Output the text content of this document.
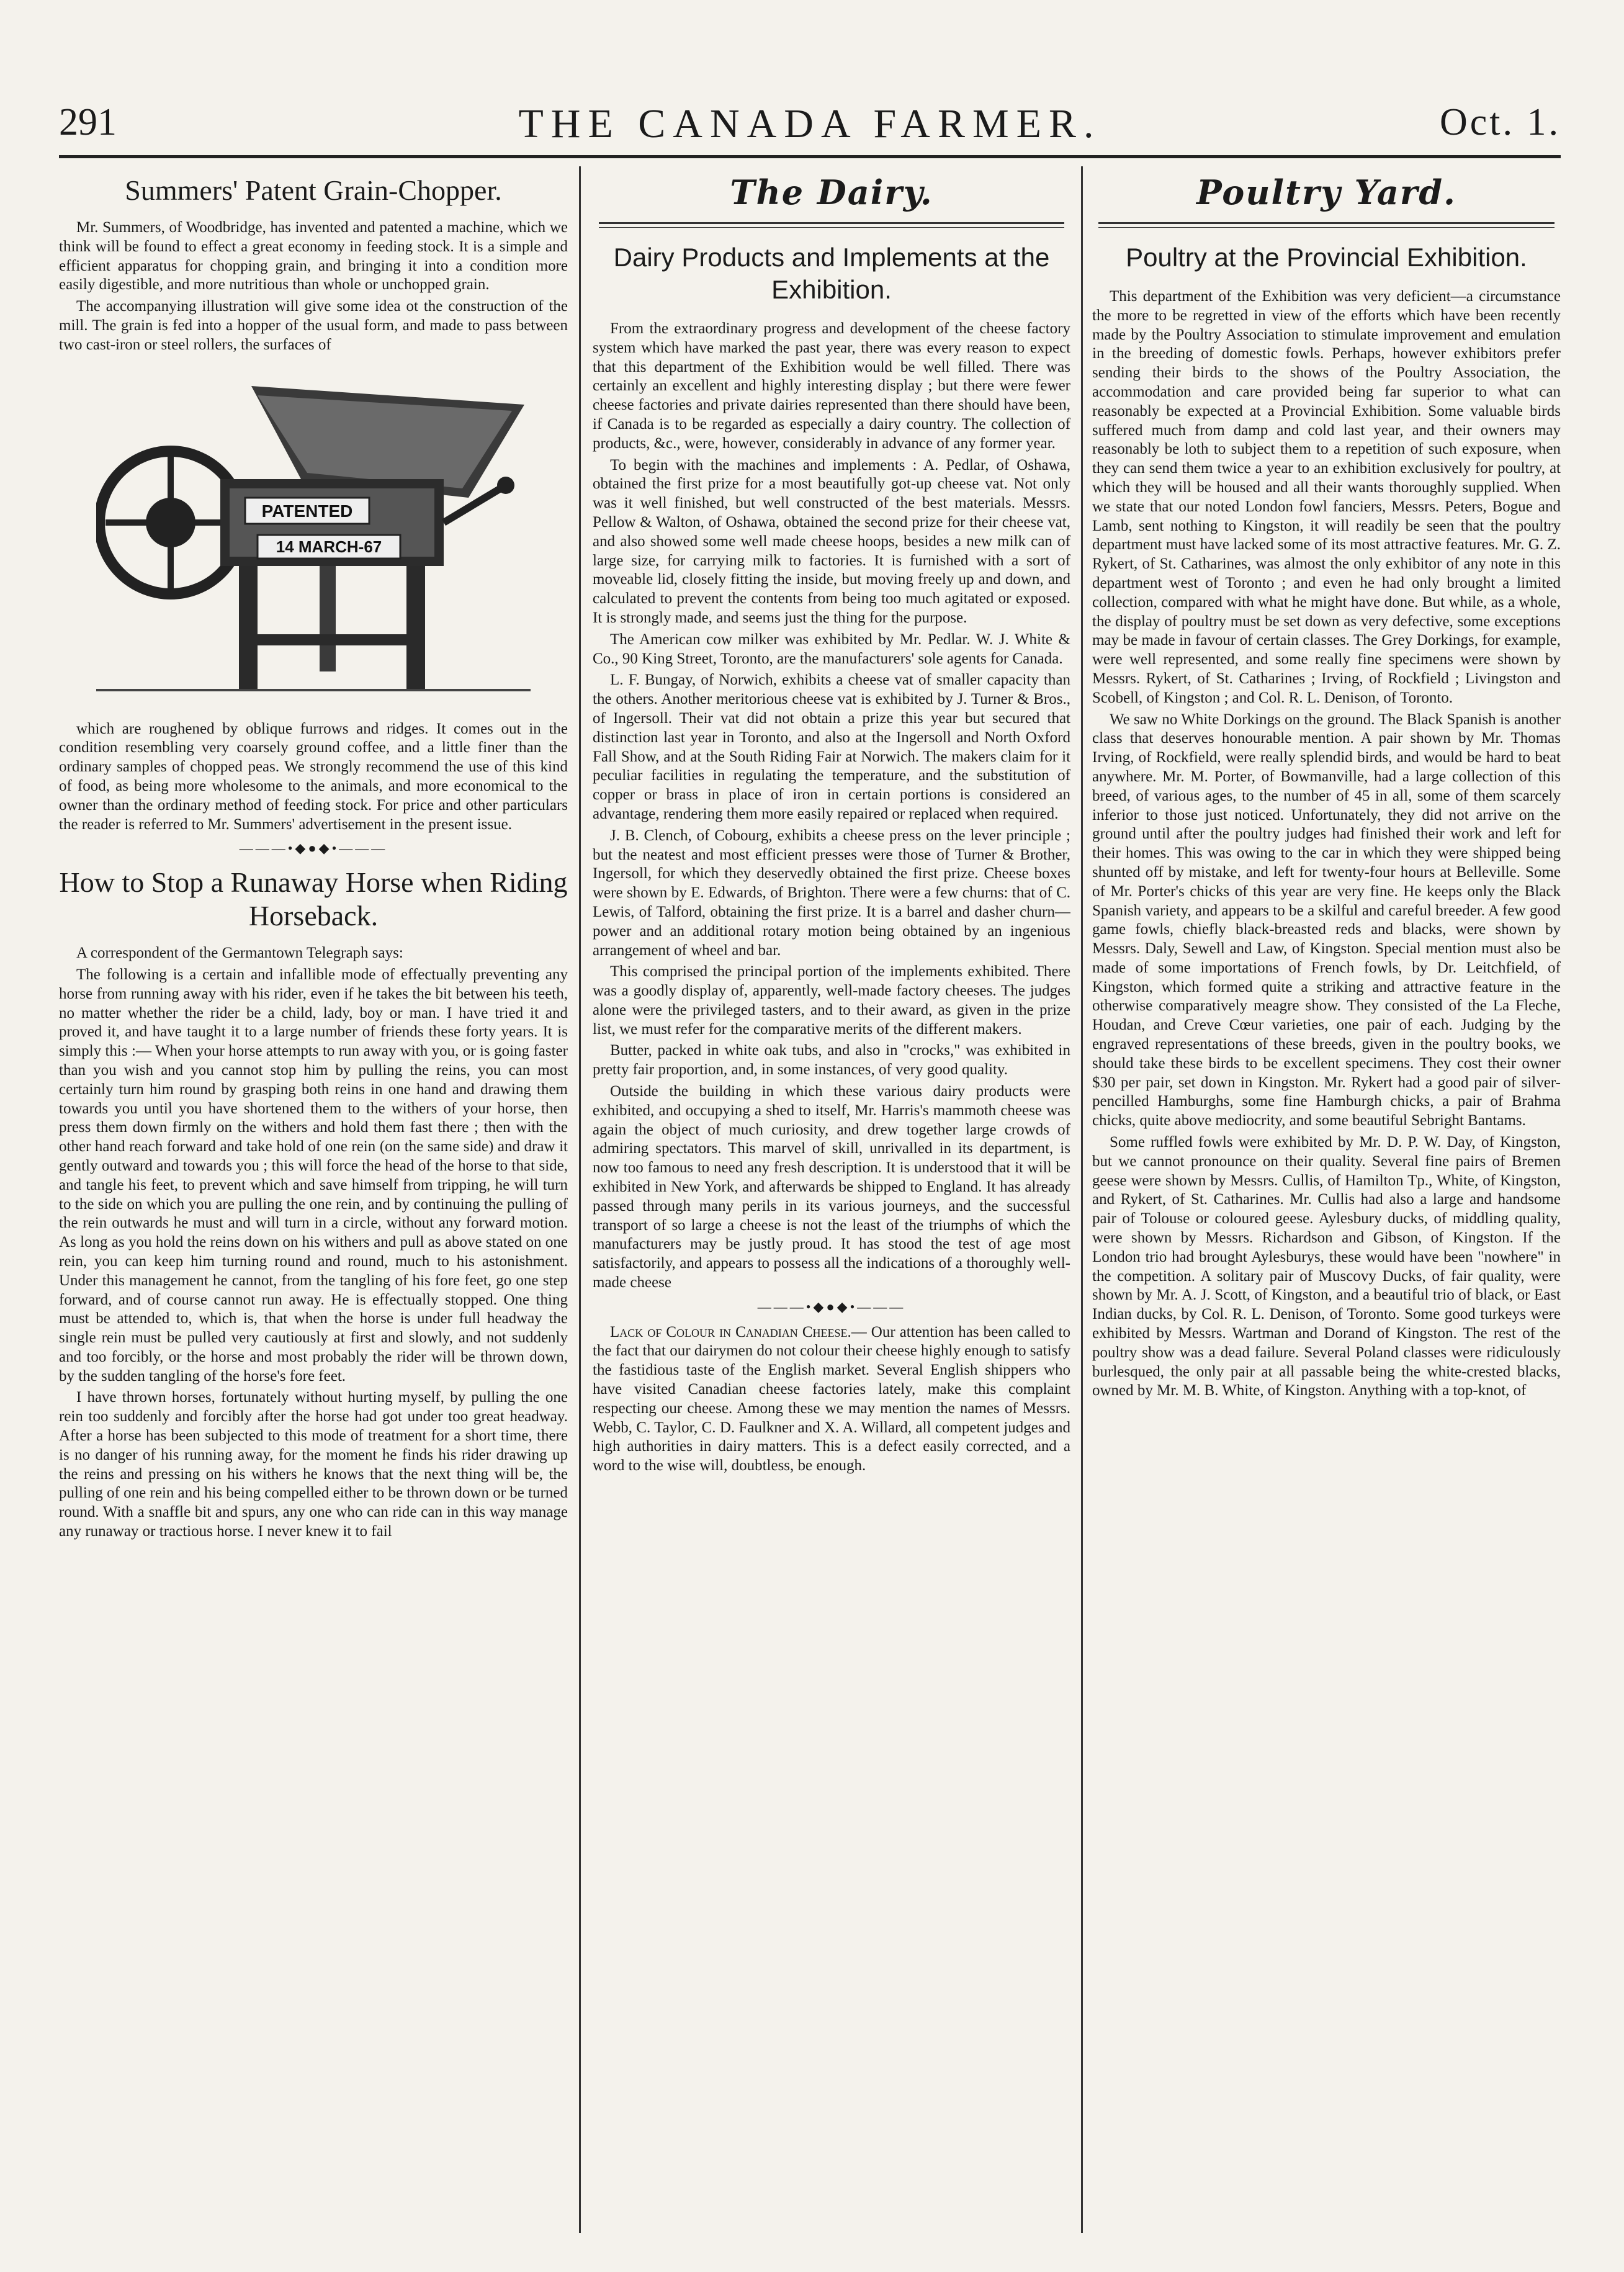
291	THE CANADA FARMER.	Oct. 1.
Summers' Patent Grain-Chopper.

Mr. Summers, of Woodbridge, has invented and patented a machine, which we think will be found to effect a great economy in feeding stock. It is a simple and efficient apparatus for chopping grain, and bringing it into a condition more easily digestible, and more nutritious than whole or unchopped grain.

The accompanying illustration will give some idea ot the construction of the mill. The grain is fed into a hopper of the usual form, and made to pass between two cast-iron or steel rollers, the surfaces of

PATENTED
14 MARCH-67

which are roughened by oblique furrows and ridges. It comes out in the condition resembling very coarsely ground coffee, and a little finer than the ordinary samples of chopped peas. We strongly recommend the use of this kind of food, as being more wholesome to the animals, and more economical to the owner than the ordinary method of feeding stock. For price and other particulars the reader is referred to Mr. Summers' advertisement in the present issue.

———•◆●◆•———
How to Stop a Runaway Horse when Riding Horseback.

A correspondent of the Germantown Telegraph says:

The following is a certain and infallible mode of effectually preventing any horse from running away with his rider, even if he takes the bit between his teeth, no matter whether the rider be a child, lady, boy or man. I have tried it and proved it, and have taught it to a large number of friends these forty years. It is simply this :— When your horse attempts to run away with you, or is going faster than you wish and you cannot stop him by pulling the reins, you can most certainly turn him round by grasping both reins in one hand and drawing them towards you until you have shortened them to the withers of your horse, then press them down firmly on the withers and hold them fast there ; then with the other hand reach forward and take hold of one rein (on the same side) and draw it gently outward and towards you ; this will force the head of the horse to that side, and tangle his feet, to prevent which and save himself from tripping, he will turn to the side on which you are pulling the one rein, and by continuing the pulling of the rein outwards he must and will turn in a circle, without any forward motion. As long as you hold the reins down on his withers and pull as above stated on one rein, you can keep him turning round and round, much to his astonishment. Under this management he cannot, from the tangling of his fore feet, go one step forward, and of course cannot run away. He is effectually stopped. One thing must be attended to, which is, that when the horse is under full headway the single rein must be pulled very cautiously at first and slowly, and not suddenly and too forcibly, or the horse and most probably the rider will be thrown down, by the sudden tangling of the horse's fore feet.

I have thrown horses, fortunately without hurting myself, by pulling the one rein too suddenly and forcibly after the horse had got under too great headway. After a horse has been subjected to this mode of treatment for a short time, there is no danger of his running away, for the moment he finds his rider drawing up the reins and pressing on his withers he knows that the next thing will be, the pulling of one rein and his being compelled either to be thrown down or be turned round. With a snaffle bit and spurs, any one who can ride can in this way manage any runaway or tractious horse. I never knew it to fail

The Dairy.
Dairy Products and Implements at the Exhibition.

From the extraordinary progress and development of the cheese factory system which have marked the past year, there was every reason to expect that this department of the Exhibition would be well filled. There was certainly an excellent and highly interesting display ; but there were fewer cheese factories and private dairies represented than there should have been, if Canada is to be regarded as especially a dairy country. The collection of products, &c., were, however, considerably in advance of any former year.

To begin with the machines and implements : A. Pedlar, of Oshawa, obtained the first prize for a most beautifully got-up cheese vat. Not only was it well finished, but well constructed of the best materials. Messrs. Pellow & Walton, of Oshawa, obtained the second prize for their cheese vat, and also showed some well made cheese hoops, besides a new milk can of large size, for carrying milk to factories. It is furnished with a sort of moveable lid, closely fitting the inside, but moving freely up and down, and calculated to prevent the contents from being too much agitated or exposed. It is strongly made, and seems just the thing for the purpose.

The American cow milker was exhibited by Mr. Pedlar. W. J. White & Co., 90 King Street, Toronto, are the manufacturers' sole agents for Canada.

L. F. Bungay, of Norwich, exhibits a cheese vat of smaller capacity than the others. Another meritorious cheese vat is exhibited by J. Turner & Bros., of Ingersoll. Their vat did not obtain a prize this year but secured that distinction last year in Toronto, and also at the Ingersoll and North Oxford Fall Show, and at the South Riding Fair at Norwich. The makers claim for it peculiar facilities in regulating the temperature, and the substitution of copper or brass in place of iron in certain portions is considered an advantage, rendering them more easily repaired or replaced when required.

J. B. Clench, of Cobourg, exhibits a cheese press on the lever principle ; but the neatest and most efficient presses were those of Turner & Brother, Ingersoll, for which they deservedly obtained the first prize. Cheese boxes were shown by E. Edwards, of Brighton. There were a few churns: that of C. Lewis, of Talford, obtaining the first prize. It is a barrel and dasher churn—power and an additional rotary motion being obtained by an ingenious arrangement of wheel and bar.

This comprised the principal portion of the implements exhibited. There was a goodly display of, apparently, well-made factory cheeses. The judges alone were the privileged tasters, and to their award, as given in the prize list, we must refer for the comparative merits of the different makers.

Butter, packed in white oak tubs, and also in "crocks," was exhibited in pretty fair proportion, and, in some instances, of very good quality.

Outside the building in which these various dairy products were exhibited, and occupying a shed to itself, Mr. Harris's mammoth cheese was again the object of much curiosity, and drew together large crowds of admiring spectators. This marvel of skill, unrivalled in its department, is now too famous to need any fresh description. It is understood that it will be exhibited in New York, and afterwards be shipped to England. It has already passed through many perils in its various journeys, and the successful transport of so large a cheese is not the least of the triumphs of which the manufacturers may be justly proud. It has stood the test of age most satisfactorily, and appears to possess all the indications of a thoroughly well-made cheese

———•◆●◆•———

Lack of Colour in Canadian Cheese.— Our attention has been called to the fact that our dairymen do not colour their cheese highly enough to satisfy the fastidious taste of the English market. Several English shippers who have visited Canadian cheese factories lately, make this complaint respecting our cheese. Among these we may mention the names of Messrs. Webb, C. Taylor, C. D. Faulkner and X. A. Willard, all competent judges and high authorities in dairy matters. This is a defect easily corrected, and a word to the wise will, doubtless, be enough.

Poultry Yard.
Poultry at the Provincial Exhibition.

This department of the Exhibition was very deficient—a circumstance the more to be regretted in view of the efforts which have been recently made by the Poultry Association to stimulate improvement and emulation in the breeding of domestic fowls. Perhaps, however exhibitors prefer sending their birds to the shows of the Poultry Association, the accommodation and care provided being far superior to what can reasonably be expected at a Provincial Exhibition. Some valuable birds suffered much from damp and cold last year, and their owners may reasonably be loth to subject them to a repetition of such exposure, when they can send them twice a year to an exhibition exclusively for poultry, at which they will be housed and all their wants thoroughly supplied. When we state that our noted London fowl fanciers, Messrs. Peters, Bogue and Lamb, sent nothing to Kingston, it will readily be seen that the poultry department must have lacked some of its most attractive features. Mr. G. Z. Rykert, of St. Catharines, was almost the only exhibitor of any note in this department west of Toronto ; and even he had only brought a limited collection, compared with what he might have done. But while, as a whole, the display of poultry must be set down as very defective, some exceptions may be made in favour of certain classes. The Grey Dorkings, for example, were well represented, and some really fine specimens were shown by Messrs. Rykert, of St. Catharines ; Irving, of Rockfield ; Livingston and Scobell, of Kingston ; and Col. R. L. Denison, of Toronto.

We saw no White Dorkings on the ground. The Black Spanish is another class that deserves honourable mention. A pair shown by Mr. Thomas Irving, of Rockfield, were really splendid birds, and would be hard to beat anywhere. Mr. M. Porter, of Bowmanville, had a large collection of this breed, of various ages, to the number of 45 in all, some of them scarcely inferior to those just noticed. Unfortunately, they did not arrive on the ground until after the poultry judges had finished their work and left for their homes. This was owing to the car in which they were shipped being shunted off by mistake, and left for twenty-four hours at Belleville. Some of Mr. Porter's chicks of this year are very fine. He keeps only the Black Spanish variety, and appears to be a skilful and careful breeder. A few good game fowls, chiefly black-breasted reds and blacks, were shown by Messrs. Daly, Sewell and Law, of Kingston. Special mention must also be made of some importations of French fowls, by Dr. Leitchfield, of Kingston, which formed quite a striking and attractive feature in the otherwise comparatively meagre show. They consisted of the La Fleche, Houdan, and Creve Cœur varieties, one pair of each. Judging by the engraved representations of these breeds, given in the poultry books, we should take these birds to be excellent specimens. They cost their owner $30 per pair, set down in Kingston. Mr. Rykert had a good pair of silver-pencilled Hamburghs, some fine Hamburgh chicks, a pair of Brahma chicks, quite above mediocrity, and some beautiful Sebright Bantams.

Some ruffled fowls were exhibited by Mr. D. P. W. Day, of Kingston, but we cannot pronounce on their quality. Several fine pairs of Bremen geese were shown by Messrs. Cullis, of Hamilton Tp., White, of Kingston, and Rykert, of St. Catharines. Mr. Cullis had also a large and handsome pair of Tolouse or coloured geese. Aylesbury ducks, of middling quality, were shown by Messrs. Richardson and Gibson, of Kingston. If the London trio had brought Aylesburys, these would have been "nowhere" in the competition. A solitary pair of Muscovy Ducks, of fair quality, were shown by Mr. A. J. Scott, of Kingston, and a beautiful trio of black, or East Indian ducks, by Col. R. L. Denison, of Toronto. Some good turkeys were exhibited by Messrs. Wartman and Dorand of Kingston. The rest of the poultry show was a dead failure. Several Poland classes were ridiculously burlesqued, the only pair at all passable being the white-crested blacks, owned by Mr. M. B. White, of Kingston. Anything with a top-knot, of
